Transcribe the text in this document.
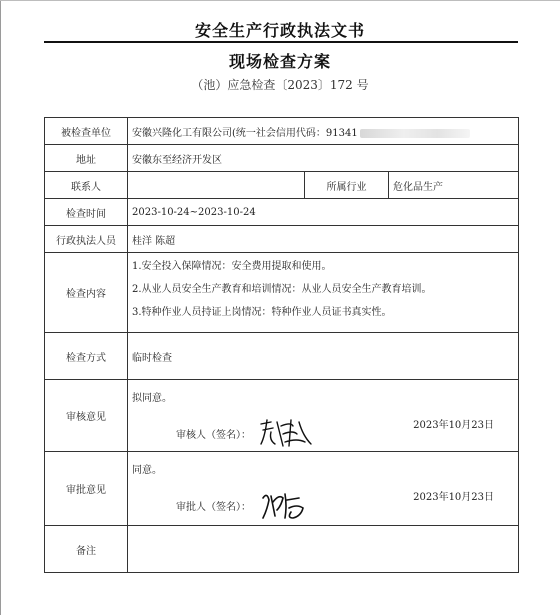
安全生产行政执法文书
现场检查方案
（池）应急检查〔2023〕172 号
被检查单位	安徽兴隆化工有限公司(统一社会信用代码：91341		
地址	安徽东至经济开发区		
联系人		所属行业	危化品生产
检查时间	2023-10-24~2023-10-24		
行政执法人员	桂洋 陈超		
检查内容	1.安全投入保障情况：安全费用提取和使用。
2.从业人员安全生产教育和培训情况：从业人员安全生产教育培训。
3.特种作业人员持证上岗情况：特种作业人员证书真实性。		

检查方式	临时检查		
审核意见	拟同意。
审核人（签名）：
2023年10月23日		

审批意见	同意。
审批人（签名）：
2023年10月23日		

备注			
